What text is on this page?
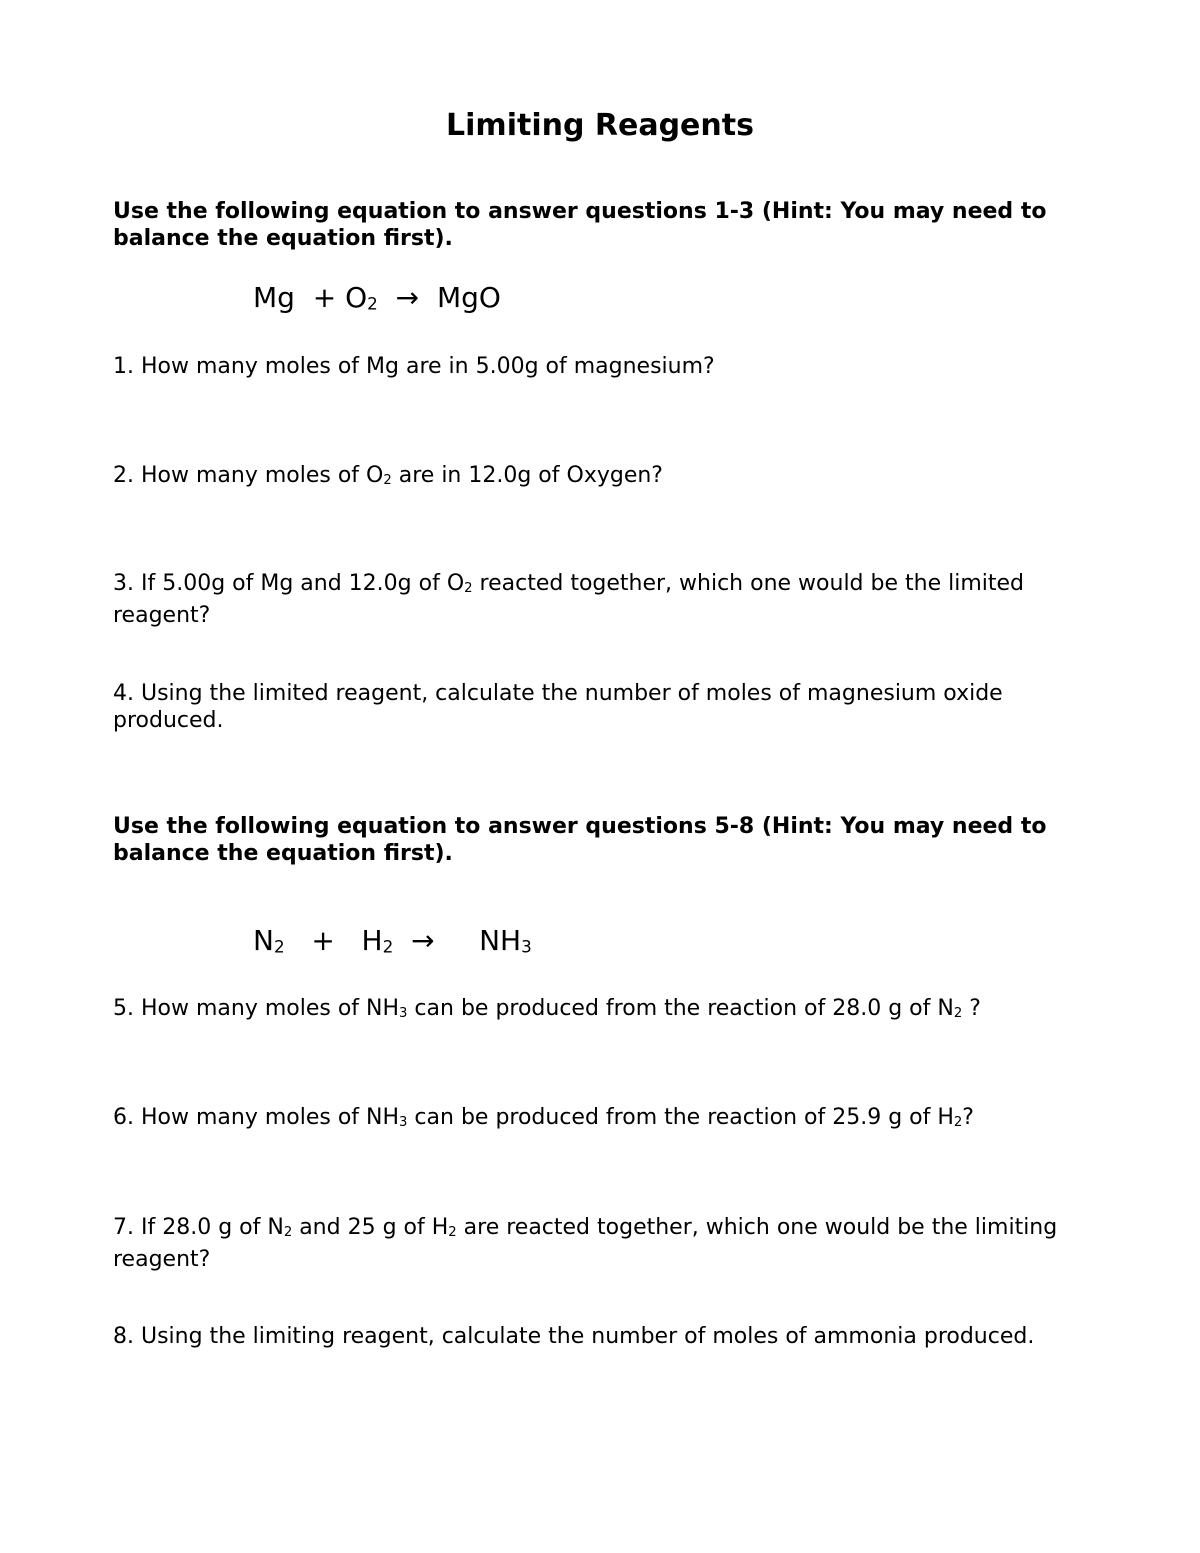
Limiting Reagents
Use the following equation to answer questions 1-3 (Hint: You may need to balance the equation first).
$Mg + O_2$ → MgO
1. How many moles of Mg are in 5.00g of magnesium?
2. How many moles of $O_2$ are in 12.0g of Oxygen?
3. If 5.00g of Mg and 12.0g of $O_2$ reacted together, which one would be the limited reagent?
4. Using the limited reagent, calculate the number of moles of magnesium oxide produced.
Use the following equation to answer questions 5-8 (Hint: You may need to balance the equation first).
$N_2 + H_2 \to NH_3$
5. How many moles of $NH_3$ can be produced from the reaction of 28.0 g of $N_2$ ?
6. How many moles of $NH_3$ can be produced from the reaction of 25.9 g of $H_2$?
7. If 28.0 g of $N_2$ and 25 g of $H_2$ are reacted together, which one would be the limiting reagent?
8. Using the limiting reagent, calculate the number of moles of ammonia produced.
